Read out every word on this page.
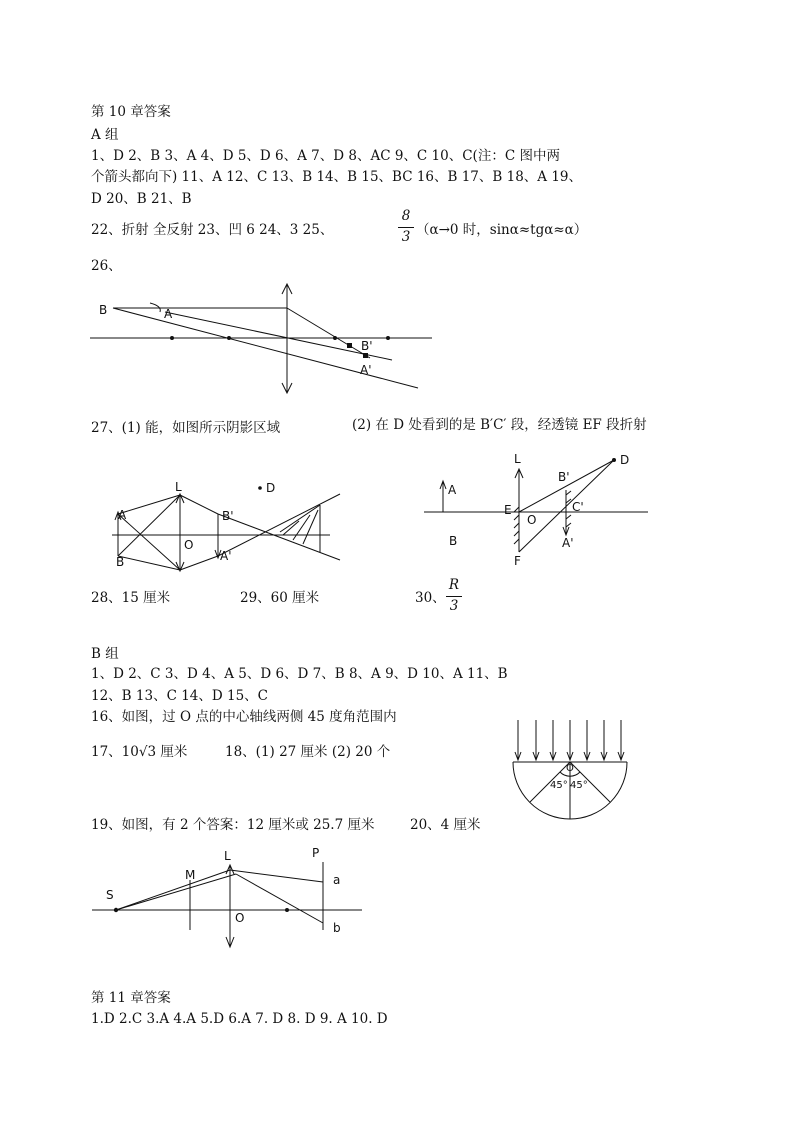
第 10 章答案
A 组
1、D 2、B 3、A 4、D 5、D 6、A 7、D 8、AC 9、C 10、C(注：C 图中两
个箭头都向下) 11、A 12、C 13、B 14、B 15、BC 16、B 17、B 18、A 19、
D 20、B 21、B
22、折射 全反射 23、凹 6 24、3 25、
8
3 （α→0 时，sinα≈tgα≈α）
26、
B	A
B'
A'
27、(1) 能，如图所示阴影区域	(2) 在 D 处看到的是 B′C′ 段，经透镜 EF 段折射
L	D
A
B
B'
A'
O
L	D
A
B
E
O
B'
C'
F
A'
28、15 厘米	29、60 厘米	30、
R
3
B 组
1、D 2、C 3、D 4、A 5、D 6、D 7、B 8、A 9、D 10、A 11、B
12、B 13、C 14、D 15、C
16、如图，过 O 点的中心轴线两侧 45 度角范围内
17、10√3 厘米	18、(1) 27 厘米 (2) 20 个
O
45° 45°
19、如图，有 2 个答案：12 厘米或 25.7 厘米	20、4 厘米
S
M
L	P
O
a
b
第 11 章答案
1.D 2.C 3.A 4.A 5.D 6.A 7. D 8. D 9. A 10. D
